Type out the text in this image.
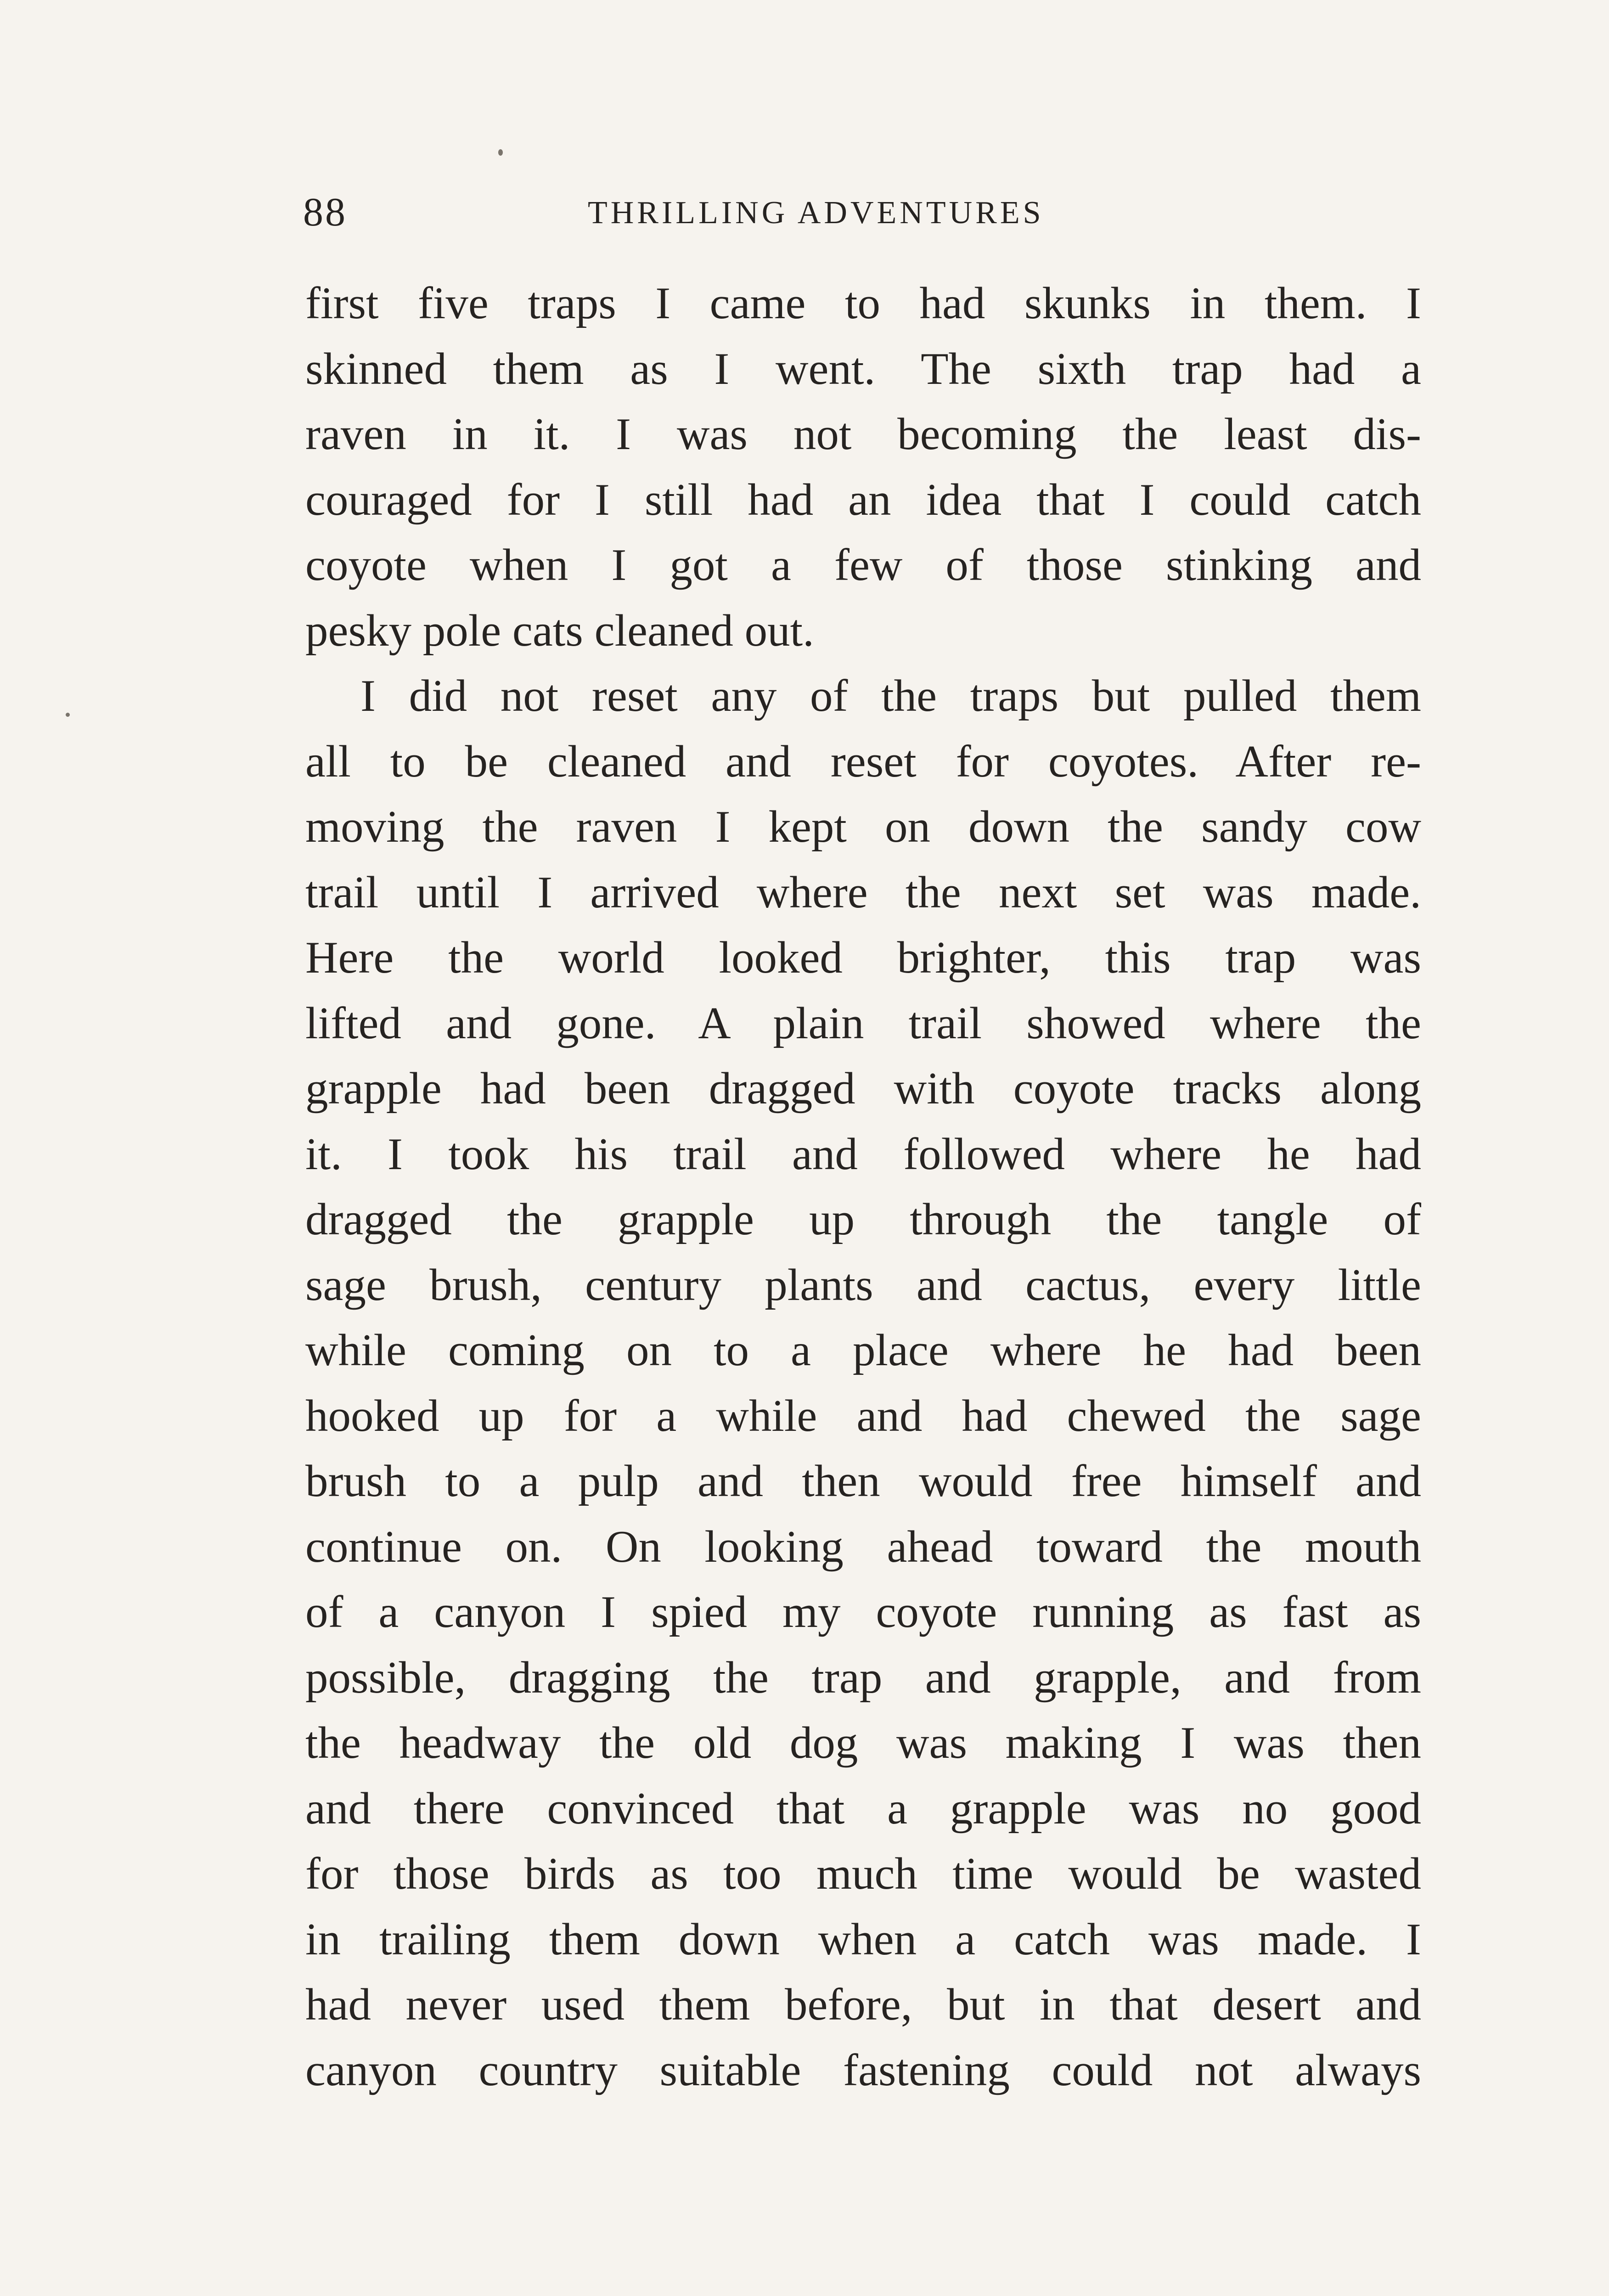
88	THRILLING ADVENTURES
first five traps I came to had skunks in them. I
skinned them as I went. The sixth trap had a
raven in it. I was not becoming the least dis-
couraged for I still had an idea that I could catch
coyote when I got a few of those stinking and
pesky pole cats cleaned out.
I did not reset any of the traps but pulled them
all to be cleaned and reset for coyotes. After re-
moving the raven I kept on down the sandy cow
trail until I arrived where the next set was made.
Here the world looked brighter, this trap was
lifted and gone. A plain trail showed where the
grapple had been dragged with coyote tracks along
it. I took his trail and followed where he had
dragged the grapple up through the tangle of
sage brush, century plants and cactus, every little
while coming on to a place where he had been
hooked up for a while and had chewed the sage
brush to a pulp and then would free himself and
continue on. On looking ahead toward the mouth
of a canyon I spied my coyote running as fast as
possible, dragging the trap and grapple, and from
the headway the old dog was making I was then
and there convinced that a grapple was no good
for those birds as too much time would be wasted
in trailing them down when a catch was made. I
had never used them before, but in that desert and
canyon country suitable fastening could not always
